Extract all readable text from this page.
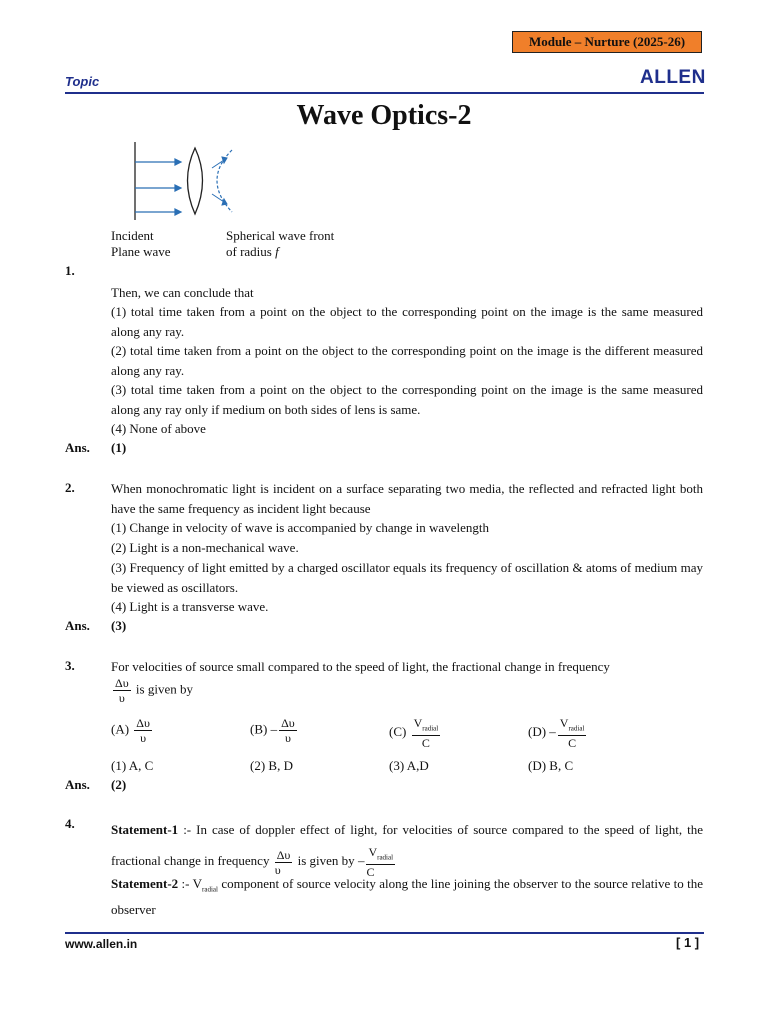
Module – Nurture (2025-26)
Topic	ALLEN
Wave Optics-2
Incident
Plane wave
Spherical wave front
of radius f
1.
Then, we can conclude that
(1) total time taken from a point on the object to the corresponding point on the image is the same measured along any ray.
(2) total time taken from a point on the object to the corresponding point on the image is the different measured along any ray.
(3) total time taken from a point on the object to the corresponding point on the image is the same measured along any ray only if medium on both sides of lens is same.
(4) None of above
Ans. (1)
2.	When monochromatic light is incident on a surface separating two media, the reflected and refracted light both have the same frequency as incident light because
(1) Change in velocity of wave is accompanied by change in wavelength
(2) Light is a non-mechanical wave.
(3) Frequency of light emitted by a charged oscillator equals its frequency of oscillation & atoms of medium may be viewed as oscillators.
(4) Light is a transverse wave.
Ans. (3)
3.	For velocities of source small compared to the speed of light, the fractional change in frequency
$\frac{\Delta\upsilon}{\upsilon}$ is given by
$(A) \frac{\Delta\upsilon}{\upsilon}$	$(B) - \frac{\Delta\upsilon}{\upsilon}$	$(C) \frac{V_{radial}}{C}$	$(D) - \frac{V_{radial}}{C}$
(1) A, C	(2) B, D	(3) A,D	(D) B, C
Ans. (2)
4.	Statement-1 :- In case of doppler effect of light, for velocities of source compared to the speed of light, the fractional change in frequency $\frac{\Delta\upsilon}{\upsilon}$ is given by – $\frac{V_{radial}}{C}$
Statement-2 :- $V_{radial}$ component of source velocity along the line joining the observer to the source relative to the observer
www.allen.in	[ 1 ]
